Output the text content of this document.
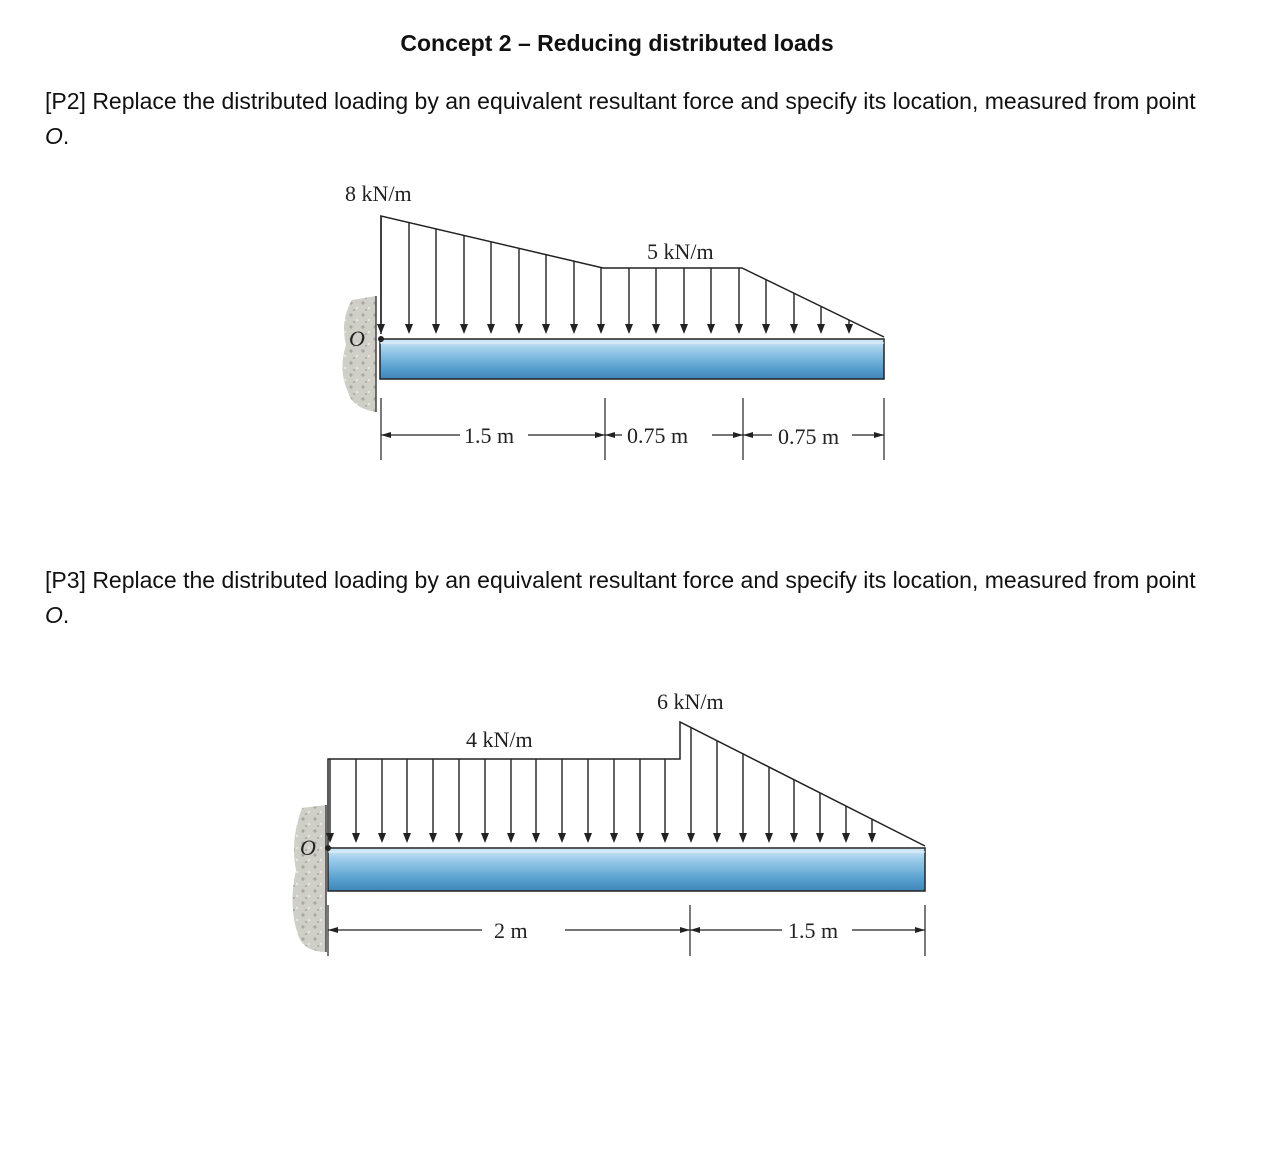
Concept 2 – Reducing distributed loads
[P2] Replace the distributed loading by an equivalent resultant force and specify its location, measured from point O.
[P3] Replace the distributed loading by an equivalent resultant force and specify its location, measured from point O.
O
8 kN/m
5 kN/m
1.5 m	0.75 m	0.75 m
O
4 kN/m
6 kN/m
2 m	1.5 m
